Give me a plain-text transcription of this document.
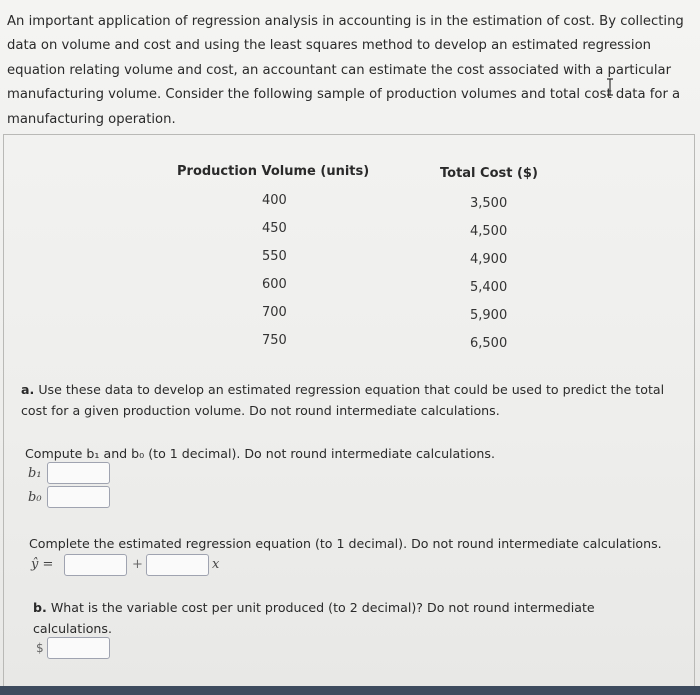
An important application of regression analysis in accounting is in the estimation of cost. By collecting data on volume and cost and using the least squares method to develop an estimated regression equation relating volume and cost, an accountant can estimate the cost associated with a particular manufacturing volume. Consider the following sample of production volumes and total cost data for a manufacturing operation.

Production Volume (units)	Total Cost ($)
400	3,500
450	4,500
550	4,900
600	5,400
700	5,900
750	6,500

a. Use these data to develop an estimated regression equation that could be used to predict the total cost for a given production volume. Do not round intermediate calculations.

Compute b₁ and b₀ (to 1 decimal). Do not round intermediate calculations.

b₁
b₀

Complete the estimated regression equation (to 1 decimal). Do not round intermediate calculations.

ŷ =	+	x

b. What is the variable cost per unit produced (to 2 decimal)? Do not round intermediate calculations.

$
